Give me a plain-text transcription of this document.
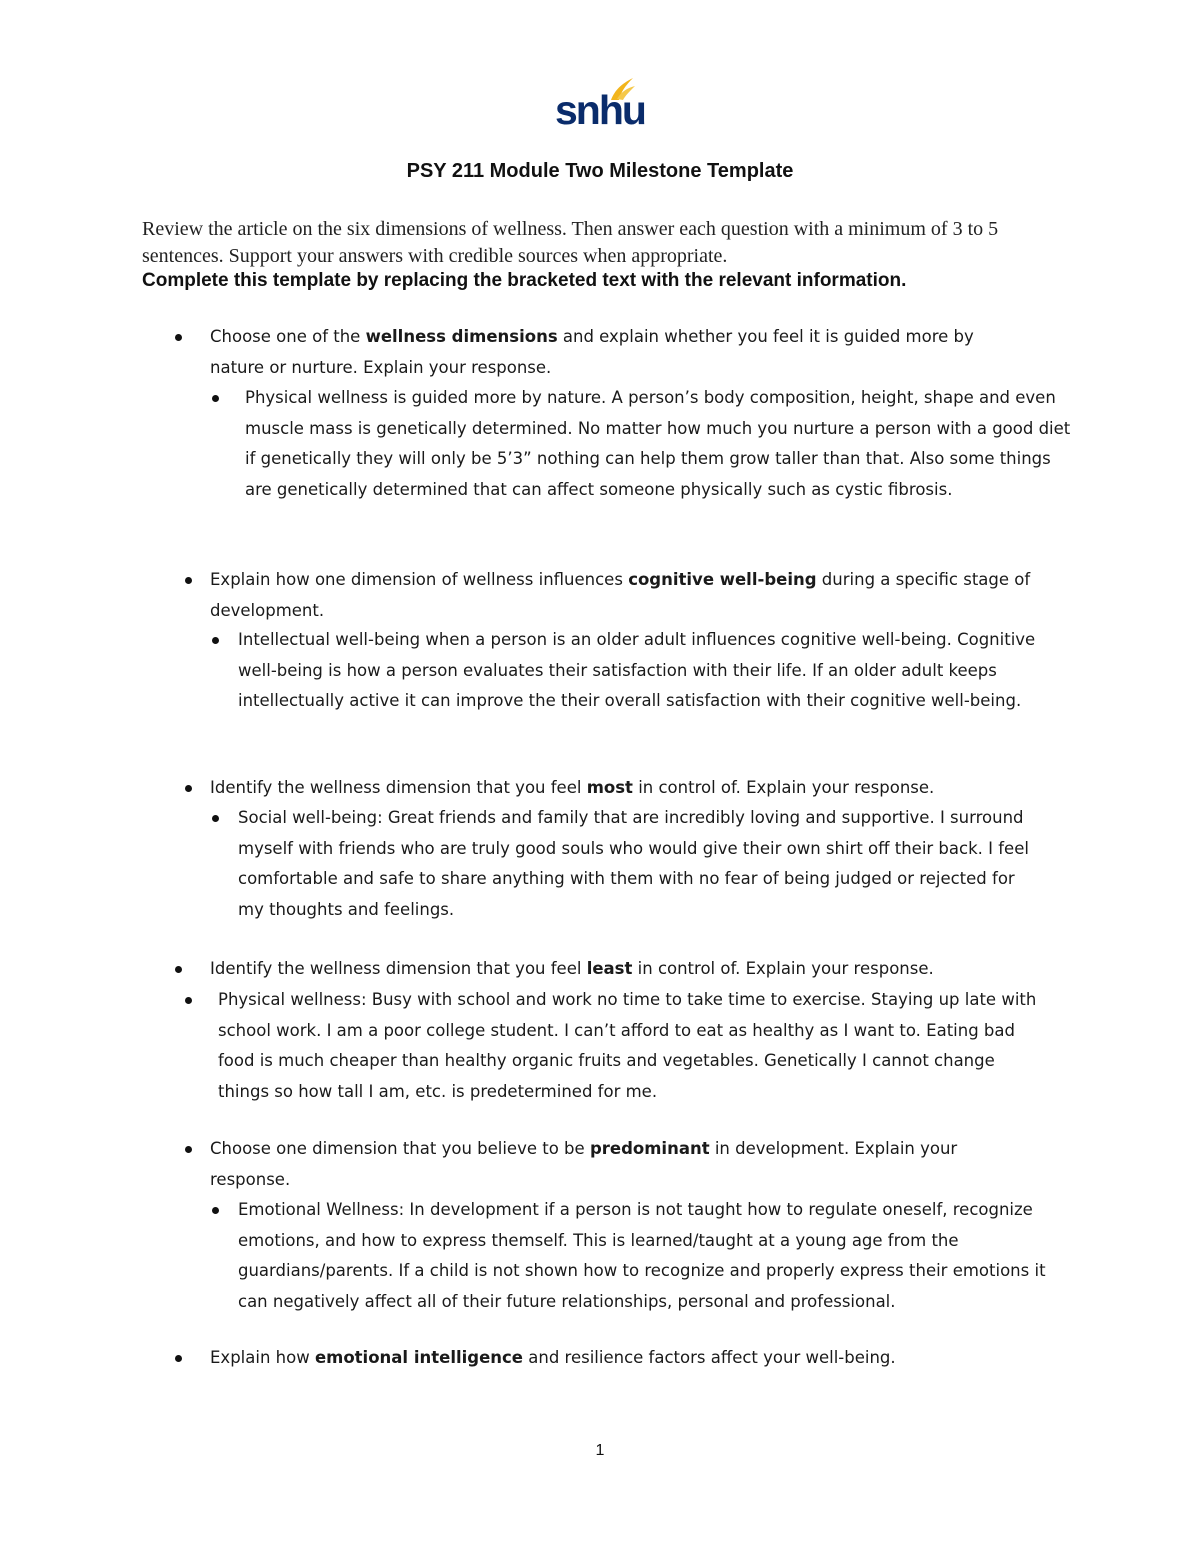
snhu
PSY 211 Module Two Milestone Template
Review the article on the six dimensions of wellness. Then answer each question with a minimum of 3 to 5 sentences. Support your answers with credible sources when appropriate.
Complete this template by replacing the bracketed text with the relevant information.
Choose one of the wellness dimensions and explain whether you feel it is guided more by nature or nurture. Explain your response.
Physical wellness is guided more by nature. A person’s body composition, height, shape and even muscle mass is genetically determined. No matter how much you nurture a person with a good diet if genetically they will only be 5’3” nothing can help them grow taller than that. Also some things are genetically determined that can affect someone physically such as cystic fibrosis.
Explain how one dimension of wellness influences cognitive well-being during a specific stage of development.
Intellectual well-being when a person is an older adult influences cognitive well-being. Cognitive well-being is how a person evaluates their satisfaction with their life. If an older adult keeps intellectually active it can improve the their overall satisfaction with their cognitive well-being.
Identify the wellness dimension that you feel most in control of. Explain your response.
Social well-being: Great friends and family that are incredibly loving and supportive. I surround myself with friends who are truly good souls who would give their own shirt off their back. I feel comfortable and safe to share anything with them with no fear of being judged or rejected for my thoughts and feelings.
Identify the wellness dimension that you feel least in control of. Explain your response.
Physical wellness: Busy with school and work no time to take time to exercise. Staying up late with school work. I am a poor college student. I can’t afford to eat as healthy as I want to. Eating bad food is much cheaper than healthy organic fruits and vegetables. Genetically I cannot change things so how tall I am, etc. is predetermined for me.
Choose one dimension that you believe to be predominant in development. Explain your response.
Emotional Wellness: In development if a person is not taught how to regulate oneself, recognize emotions, and how to express themself. This is learned/taught at a young age from the guardians/parents. If a child is not shown how to recognize and properly express their emotions it can negatively affect all of their future relationships, personal and professional.
Explain how emotional intelligence and resilience factors affect your well-being.
1
